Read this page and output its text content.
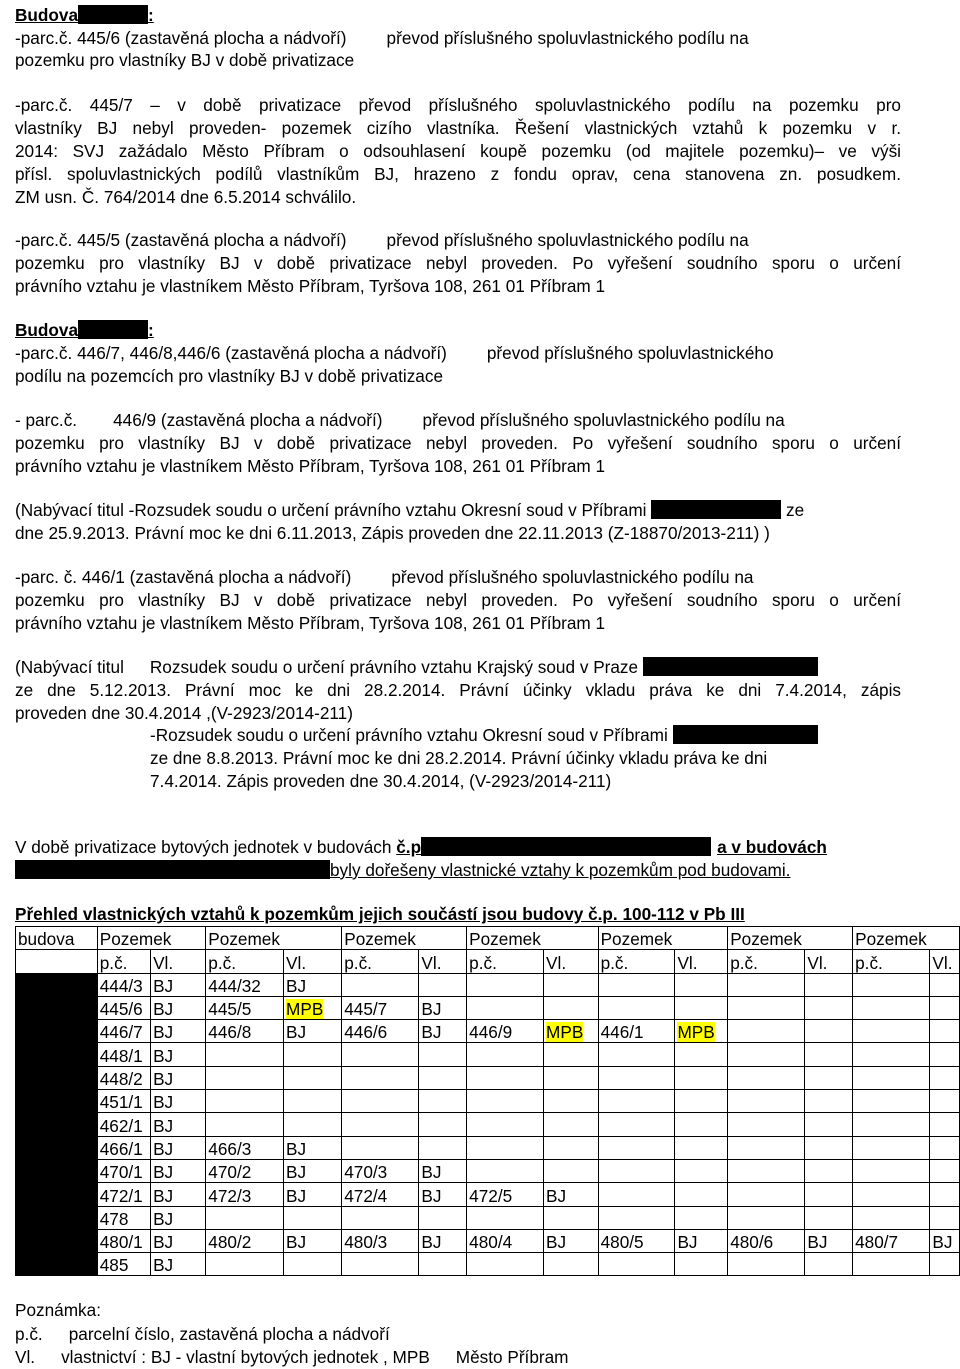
Budova	:
-parc.č. 445/6 (zastavěná plocha a nádvoří) převod příslušného spoluvlastnického podílu na
pozemku pro vlastníky BJ v době privatizace
-parc.č. 445/7 – v době privatizace převod příslušného spoluvlastnického podílu na pozemku pro
vlastníky BJ nebyl proveden- pozemek cizího vlastníka. Řešení vlastnických vztahů k pozemku v r.
2014: SVJ zažádalo Město Příbram o odsouhlasení koupě pozemku (od majitele pozemku)– ve výši
přísl. spoluvlastnických podílů vlastníkům BJ, hrazeno z fondu oprav, cena stanovena zn. posudkem.
ZM usn. Č. 764/2014 dne 6.5.2014 schválilo.
-parc.č. 445/5 (zastavěná plocha a nádvoří) převod příslušného spoluvlastnického podílu na
pozemku pro vlastníky BJ v době privatizace nebyl proveden. Po vyřešení soudního sporu o určení
právního vztahu je vlastníkem Město Příbram, Tyršova 108, 261 01 Příbram 1
Budova	:
-parc.č. 446/7, 446/8,446/6 (zastavěná plocha a nádvoří) převod příslušného spoluvlastnického
podílu na pozemcích pro vlastníky BJ v době privatizace
- parc.č. 446/9 (zastavěná plocha a nádvoří) převod příslušného spoluvlastnického podílu na
pozemku pro vlastníky BJ v době privatizace nebyl proveden. Po vyřešení soudního sporu o určení
právního vztahu je vlastníkem Město Příbram, Tyršova 108, 261 01 Příbram 1
(Nabývací titul -Rozsudek soudu o určení právního vztahu Okresní soud v Příbrami	ze
dne 25.9.2013. Právní moc ke dni 6.11.2013, Zápis proveden dne 22.11.2013 (Z-18870/2013-211) )
-parc. č. 446/1 (zastavěná plocha a nádvoří) převod příslušného spoluvlastnického podílu na
pozemku pro vlastníky BJ v době privatizace nebyl proveden. Po vyřešení soudního sporu o určení
právního vztahu je vlastníkem Město Příbram, Tyršova 108, 261 01 Příbram 1
(Nabývací titul Rozsudek soudu o určení právního vztahu Krajský soud v Praze
ze dne 5.12.2013. Právní moc ke dni 28.2.2014. Právní účinky vkladu práva ke dni 7.4.2014, zápis
proveden dne 30.4.2014 ,(V-2923/2014-211)
-Rozsudek soudu o určení právního vztahu Okresní soud v Příbrami
ze dne 8.8.2013. Právní moc ke dni 28.2.2014. Právní účinky vkladu práva ke dni
7.4.2014. Zápis proveden dne 30.4.2014, (V-2923/2014-211)
V době privatizace bytových jednotek v budovách č.p	a v budovách
byly dořešeny vlastnické vztahy k pozemkům pod budovami.
Přehled vlastnických vztahů k pozemkům jejich součástí jsou budovy č.p. 100-112 v Pb III
budova	Pozemek		Pozemek		Pozemek		Pozemek		Pozemek		Pozemek		Pozemek	
	p.č.	Vl.	p.č.	Vl.	p.č.	Vl.	p.č.	Vl.	p.č.	Vl.	p.č.	Vl.	p.č.	Vl.
	444/3	BJ	444/32	BJ										
	445/6	BJ	445/5	MPB	445/7	BJ								
	446/7	BJ	446/8	BJ	446/6	BJ	446/9	MPB	446/1	MPB				
	448/1	BJ												
	448/2	BJ												
	451/1	BJ												
	462/1	BJ												
	466/1	BJ	466/3	BJ										
	470/1	BJ	470/2	BJ	470/3	BJ								
	472/1	BJ	472/3	BJ	472/4	BJ	472/5	BJ						
	478	BJ												
	480/1	BJ	480/2	BJ	480/3	BJ	480/4	BJ	480/5	BJ	480/6	BJ	480/7	BJ
	485	BJ												
Poznámka:
p.č. parcelní číslo, zastavěná plocha a nádvoří
Vl. vlastnictví : BJ - vlastní bytových jednotek , MPB Město Příbram
